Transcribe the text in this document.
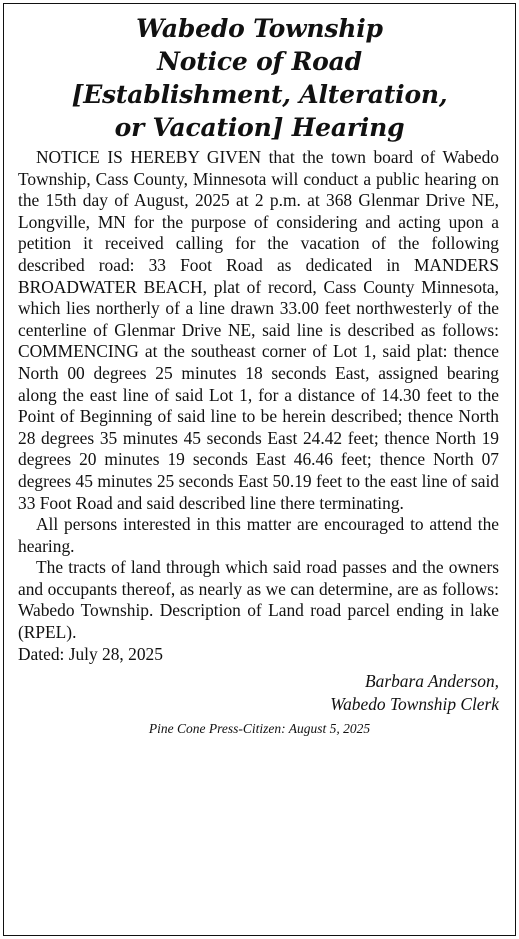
Wabedo Township
Notice of Road
[Establishment, Alteration,
or Vacation] Hearing

NOTICE IS HEREBY GIVEN that the town board of Wabedo Township, Cass County, Minnesota will conduct a public hearing on the 15th day of August, 2025 at 2 p.m. at 368 Glenmar Drive NE, Longville, MN for the purpose of considering and acting upon a petition it received calling for the vacation of the following described road: 33 Foot Road as dedicated in MANDERS BROADWATER BEACH, plat of record, Cass County Minnesota, which lies northerly of a line drawn 33.00 feet northwesterly of the centerline of Glenmar Drive NE, said line is described as follows: COMMENCING at the southeast corner of Lot 1, said plat: thence North 00 degrees 25 minutes 18 seconds East, assigned bearing along the east line of said Lot 1, for a distance of 14.30 feet to the Point of Beginning of said line to be herein described; thence North 28 degrees 35 minutes 45 seconds East 24.42 feet; thence North 19 degrees 20 minutes 19 seconds East 46.46 feet; thence North 07 degrees 45 minutes 25 seconds East 50.19 feet to the east line of said 33 Foot Road and said described line there terminating.

All persons interested in this matter are encouraged to attend the hearing.

The tracts of land through which said road passes and the owners and occupants thereof, as nearly as we can determine, are as follows: Wabedo Township. Description of Land road parcel ending in lake (RPEL).

Dated: July 28, 2025

Barbara Anderson,
Wabedo Township Clerk
Pine Cone Press-Citizen: August 5, 2025
